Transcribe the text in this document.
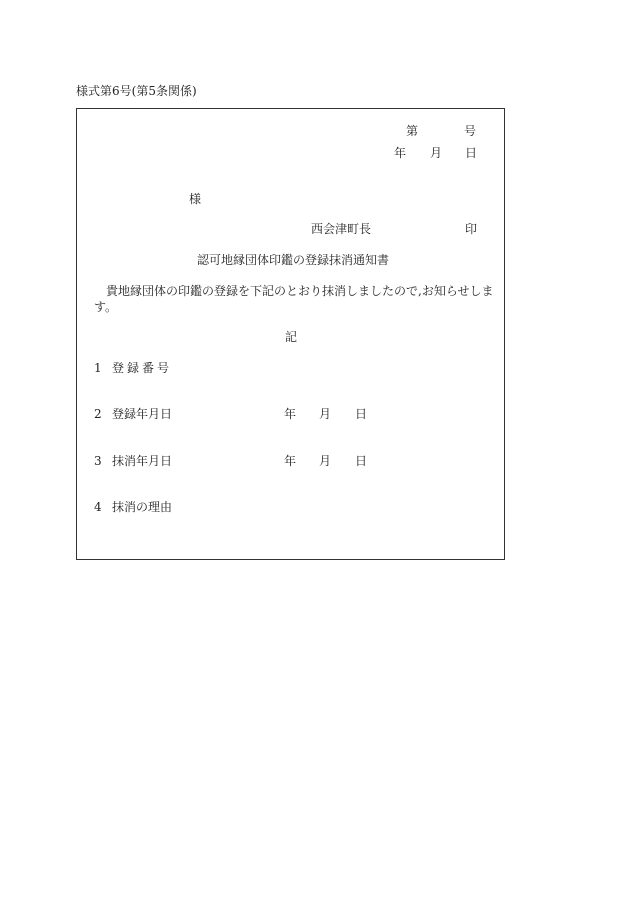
様式第6号(第5条関係)
第	号
年 月 日
様
西会津町長	印
認可地縁団体印鑑の登録抹消通知書
貴地縁団体の印鑑の登録を下記のとおり抹消しましたので,お知らせします。
記
1 登録番号
2 登録年月日	年 月 日
3 抹消年月日	年 月 日
4 抹消の理由
